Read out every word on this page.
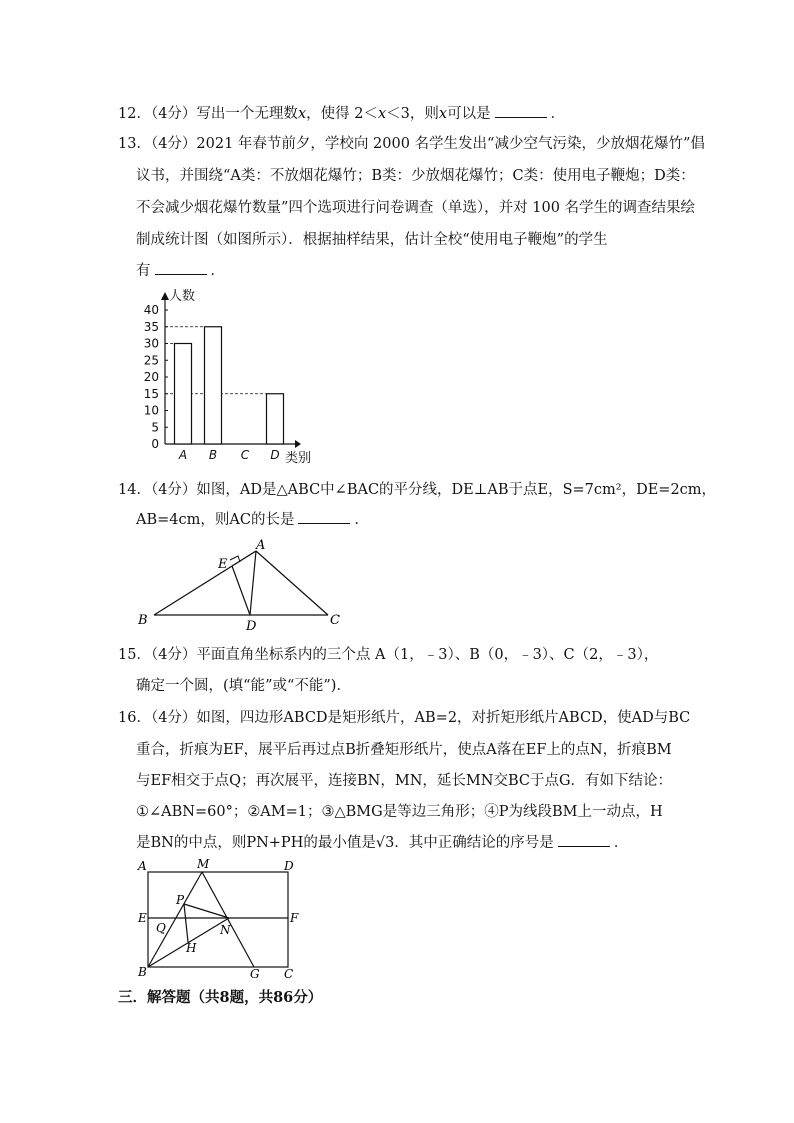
12．（4分）写出一个无理数x，使得 2＜x＜3，则x可以是	．
13．（4分）2021 年春节前夕，学校向 2000 名学生发出“减少空气污染，少放烟花爆竹”倡
议书，并围绕“A类：不放烟花爆竹；B类：少放烟花爆竹；C类：使用电子鞭炮；D类：
不会减少烟花爆竹数量”四个选项进行问卷调查（单选），并对 100 名学生的调查结果绘
制成统计图（如图所示）．根据抽样结果，估计全校“使用电子鞭炮”的学生
有	．
0
5
10
15
20
25
30
35
40
A B C D
人数
类别
14．（4分）如图，AD是△ABC中∠BAC的平分线，DE⊥AB于点E，S=7cm²，DE=2cm，
AB=4cm，则AC的长是	．
A
E
B	D	C
15．（4分）平面直角坐标系内的三个点 A（1，﹣3）、B（0，﹣3）、C（2，﹣3），
确定一个圆，(填“能”或“不能”)．
16．（4分）如图，四边形ABCD是矩形纸片，AB=2，对折矩形纸片ABCD，使AD与BC
重合，折痕为EF，展平后再过点B折叠矩形纸片，使点A落在EF上的点N，折痕BM
与EF相交于点Q；再次展平，连接BN，MN，延长MN交BC于点G．有如下结论：
①∠ABN=60°；②AM=1；③△BMG是等边三角形；④P为线段BM上一动点，H
是BN的中点，则PN+PH的最小值是√3．其中正确结论的序号是	．
A	M	D
E	F
P
Q	N
H
B	G C
三．解答题（共8题，共86分）
